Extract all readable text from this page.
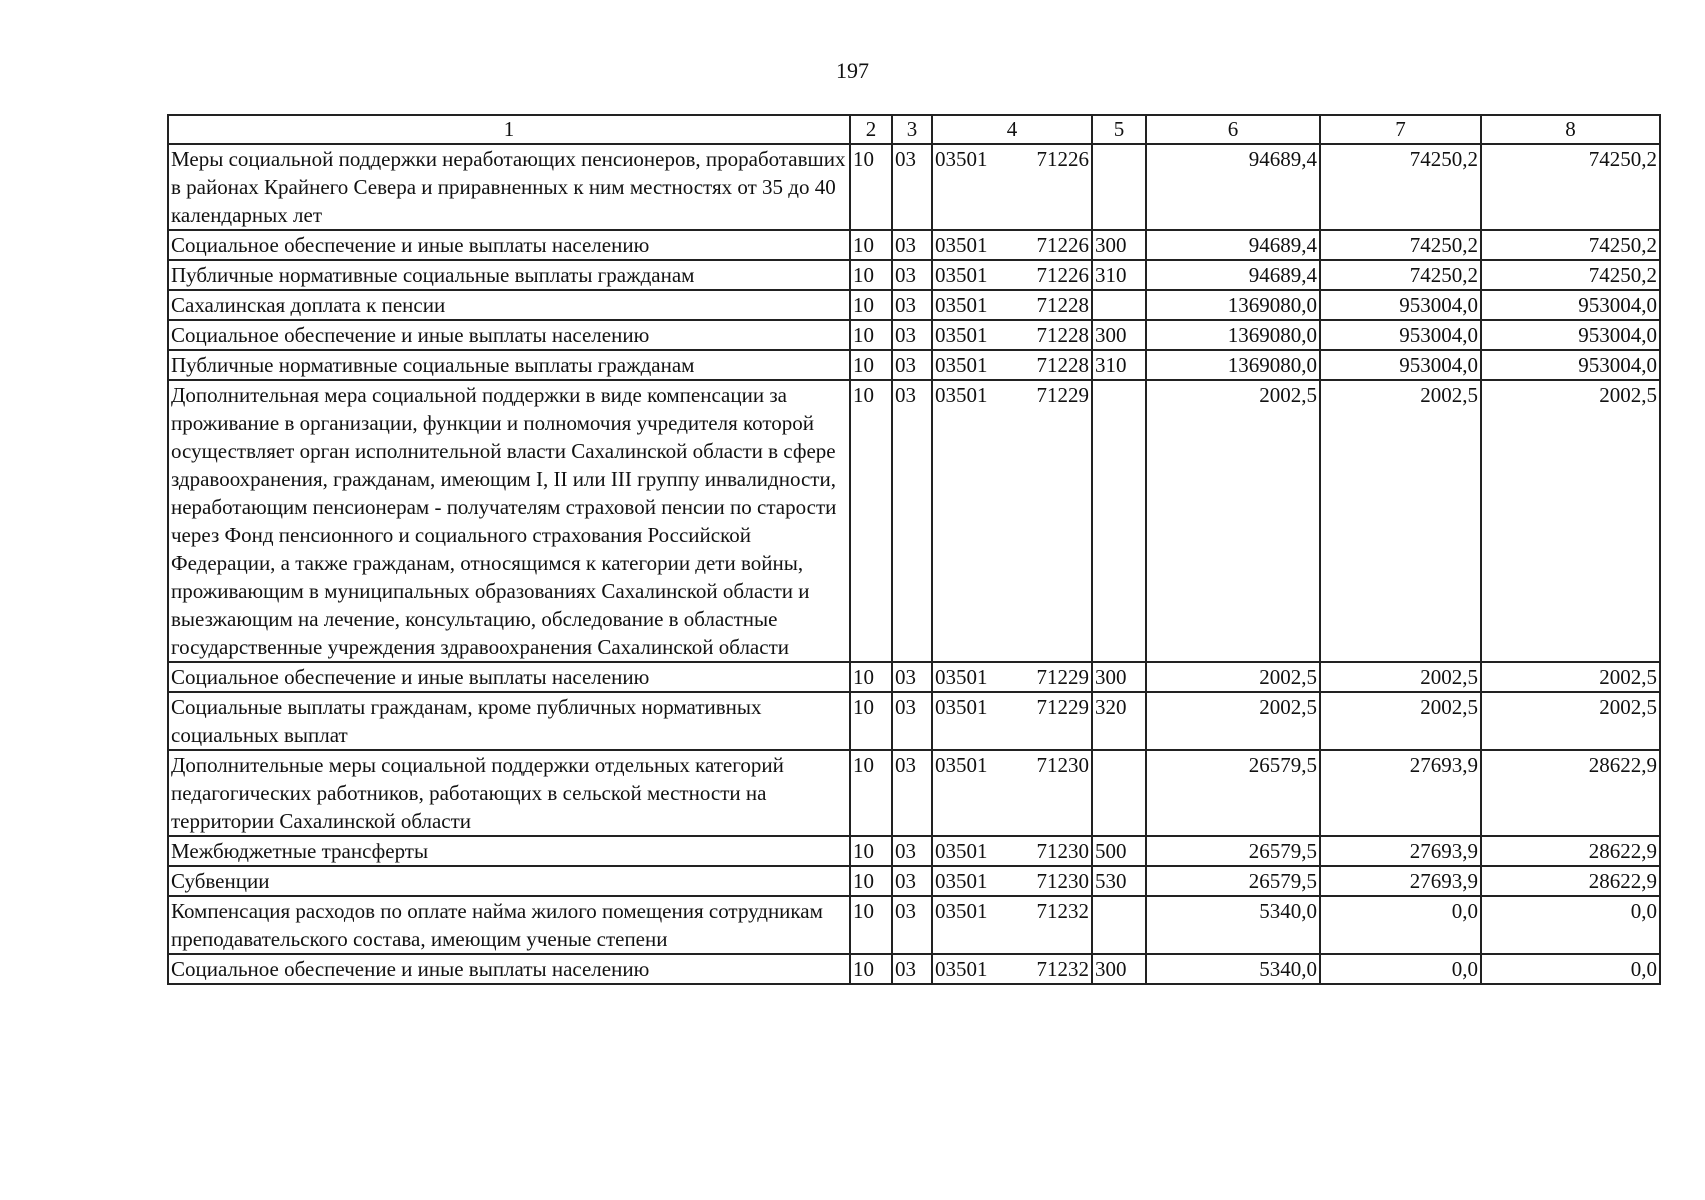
197
1	2	3	4	5	6	7	8
Меры социальной поддержки неработающих пенсионеров, проработавших в районах Крайнего Севера и приравненных к ним местностях от 35 до 40 календарных лет	10	03	03501 71226		94689,4	74250,2	74250,2
Социальное обеспечение и иные выплаты населению	10	03	03501 71226	300	94689,4	74250,2	74250,2
Публичные нормативные социальные выплаты гражданам	10	03	03501 71226	310	94689,4	74250,2	74250,2
Сахалинская доплата к пенсии	10	03	03501 71228		1369080,0	953004,0	953004,0
Социальное обеспечение и иные выплаты населению	10	03	03501 71228	300	1369080,0	953004,0	953004,0
Публичные нормативные социальные выплаты гражданам	10	03	03501 71228	310	1369080,0	953004,0	953004,0
Дополнительная мера социальной поддержки в виде компенсации за проживание в организации, функции и полномочия учредителя которой осуществляет орган исполнительной власти Сахалинской области в сфере здравоохранения, гражданам, имеющим I, II или III группу инвалидности, неработающим пенсионерам - получателям страховой пенсии по старости через Фонд пенсионного и социального страхования Российской Федерации, а также гражданам, относящимся к категории дети войны, проживающим в муниципальных образованиях Сахалинской области и выезжающим на лечение, консультацию, обследование в областные государственные учреждения здравоохранения Сахалинской области	10	03	03501 71229		2002,5	2002,5	2002,5
Социальное обеспечение и иные выплаты населению	10	03	03501 71229	300	2002,5	2002,5	2002,5
Социальные выплаты гражданам, кроме публичных нормативных социальных выплат	10	03	03501 71229	320	2002,5	2002,5	2002,5
Дополнительные меры социальной поддержки отдельных категорий педагогических работников, работающих в сельской местности на территории Сахалинской области	10	03	03501 71230		26579,5	27693,9	28622,9
Межбюджетные трансферты	10	03	03501 71230	500	26579,5	27693,9	28622,9
Субвенции	10	03	03501 71230	530	26579,5	27693,9	28622,9
Компенсация расходов по оплате найма жилого помещения сотрудникам преподавательского состава, имеющим ученые степени	10	03	03501 71232		5340,0	0,0	0,0
Социальное обеспечение и иные выплаты населению	10	03	03501 71232	300	5340,0	0,0	0,0
